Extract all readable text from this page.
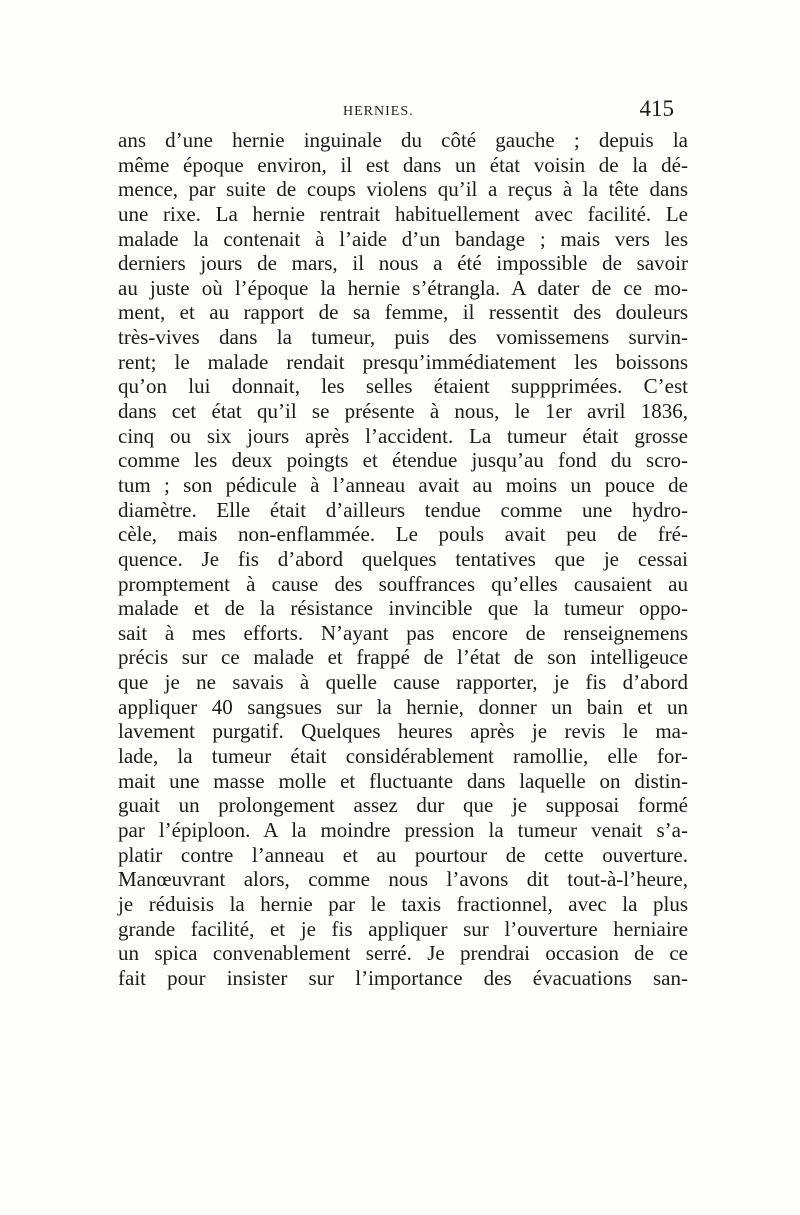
HERNIES.	415
ans d’une hernie inguinale du côté gauche ; depuis la
même époque environ, il est dans un état voisin de la dé-
mence, par suite de coups violens qu’il a reçus à la tête dans
une rixe. La hernie rentrait habituellement avec facilité. Le
malade la contenait à l’aide d’un bandage ; mais vers les
derniers jours de mars, il nous a été impossible de savoir
au juste où l’époque la hernie s’étrangla. A dater de ce mo-
ment, et au rapport de sa femme, il ressentit des douleurs
très-vives dans la tumeur, puis des vomissemens survin-
rent; le malade rendait presqu’immédiatement les boissons
qu’on lui donnait, les selles étaient suppprimées. C’est
dans cet état qu’il se présente à nous, le 1er avril 1836,
cinq ou six jours après l’accident. La tumeur était grosse
comme les deux poingts et étendue jusqu’au fond du scro-
tum ; son pédicule à l’anneau avait au moins un pouce de
diamètre. Elle était d’ailleurs tendue comme une hydro-
cèle, mais non-enflammée. Le pouls avait peu de fré-
quence. Je fis d’abord quelques tentatives que je cessai
promptement à cause des souffrances qu’elles causaient au
malade et de la résistance invincible que la tumeur oppo-
sait à mes efforts. N’ayant pas encore de renseignemens
précis sur ce malade et frappé de l’état de son intelligeuce
que je ne savais à quelle cause rapporter, je fis d’abord
appliquer 40 sangsues sur la hernie, donner un bain et un
lavement purgatif. Quelques heures après je revis le ma-
lade, la tumeur était considérablement ramollie, elle for-
mait une masse molle et fluctuante dans laquelle on distin-
guait un prolongement assez dur que je supposai formé
par l’épiploon. A la moindre pression la tumeur venait s’a-
platir contre l’anneau et au pourtour de cette ouverture.
Manœuvrant alors, comme nous l’avons dit tout-à-l’heure,
je réduisis la hernie par le taxis fractionnel, avec la plus
grande facilité, et je fis appliquer sur l’ouverture herniaire
un spica convenablement serré. Je prendrai occasion de ce
fait pour insister sur l’importance des évacuations san-
